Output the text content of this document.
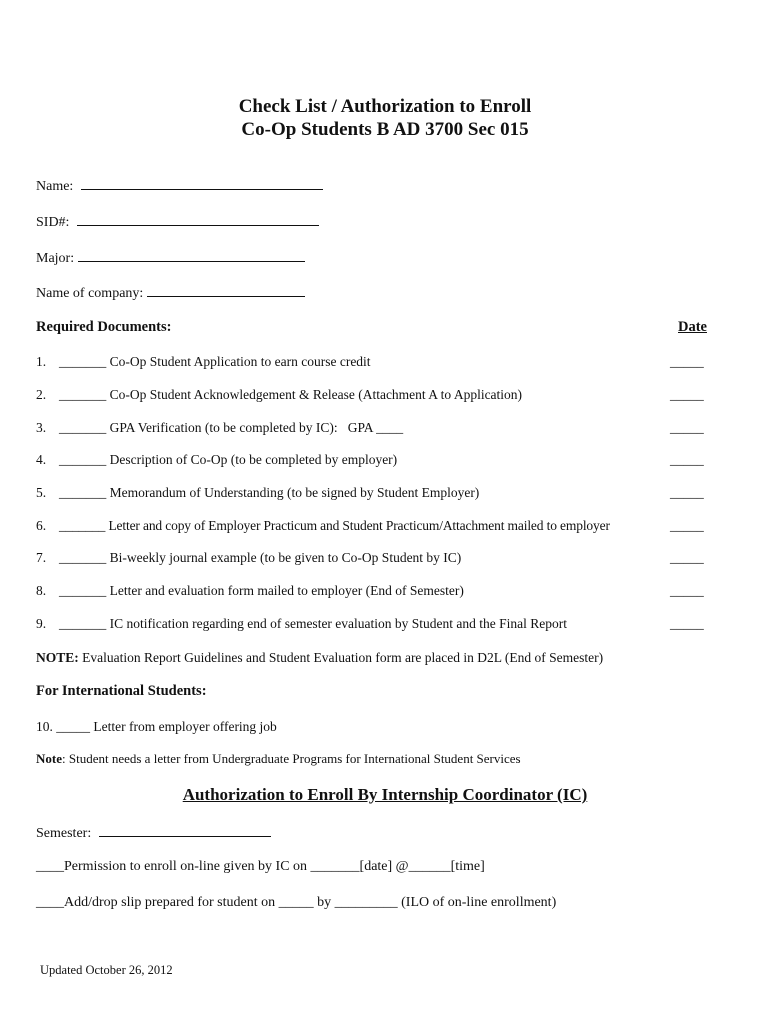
Check List / Authorization to Enroll
Co-Op Students B AD 3700 Sec 015
Name:
SID#:
Major:
Name of company:
Required Documents:	Date
1. _______ Co-Op Student Application to earn course credit	_____
2. _______ Co-Op Student Acknowledgement & Release (Attachment A to Application)	_____
3. _______ GPA Verification (to be completed by IC):   GPA ____	_____
4. _______ Description of Co-Op (to be completed by employer)	_____
5. _______ Memorandum of Understanding (to be signed by Student Employer)	_____
6. _______ Letter and copy of Employer Practicum and Student Practicum/Attachment mailed to employer	_____
7. _______ Bi-weekly journal example (to be given to Co-Op Student by IC)	_____
8. _______ Letter and evaluation form mailed to employer (End of Semester)	_____
9. _______ IC notification regarding end of semester evaluation by Student and the Final Report	_____
NOTE: Evaluation Report Guidelines and Student Evaluation form are placed in D2L (End of Semester)
For International Students:
10. _____ Letter from employer offering job
Note: Student needs a letter from Undergraduate Programs for International Student Services
Authorization to Enroll By Internship Coordinator (IC)
Semester:
____Permission to enroll on-line given by IC on _______[date] @______[time]
____Add/drop slip prepared for student on _____ by _________ (ILO of on-line enrollment)
Updated October 26, 2012
